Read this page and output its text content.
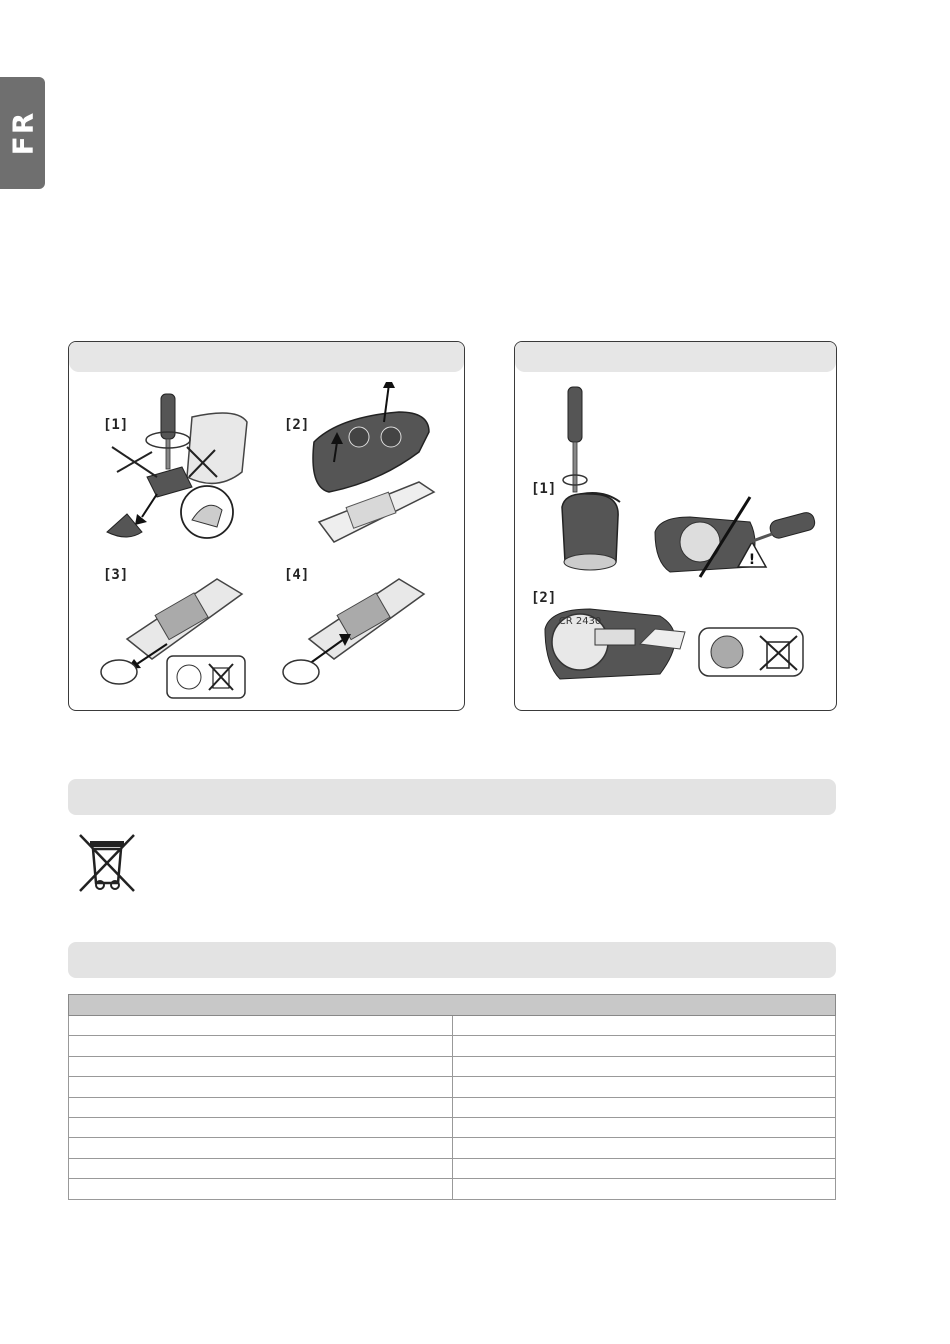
FR
[1]	[2]
[3]	[4]
[1]
[2]
!
CR 2430
